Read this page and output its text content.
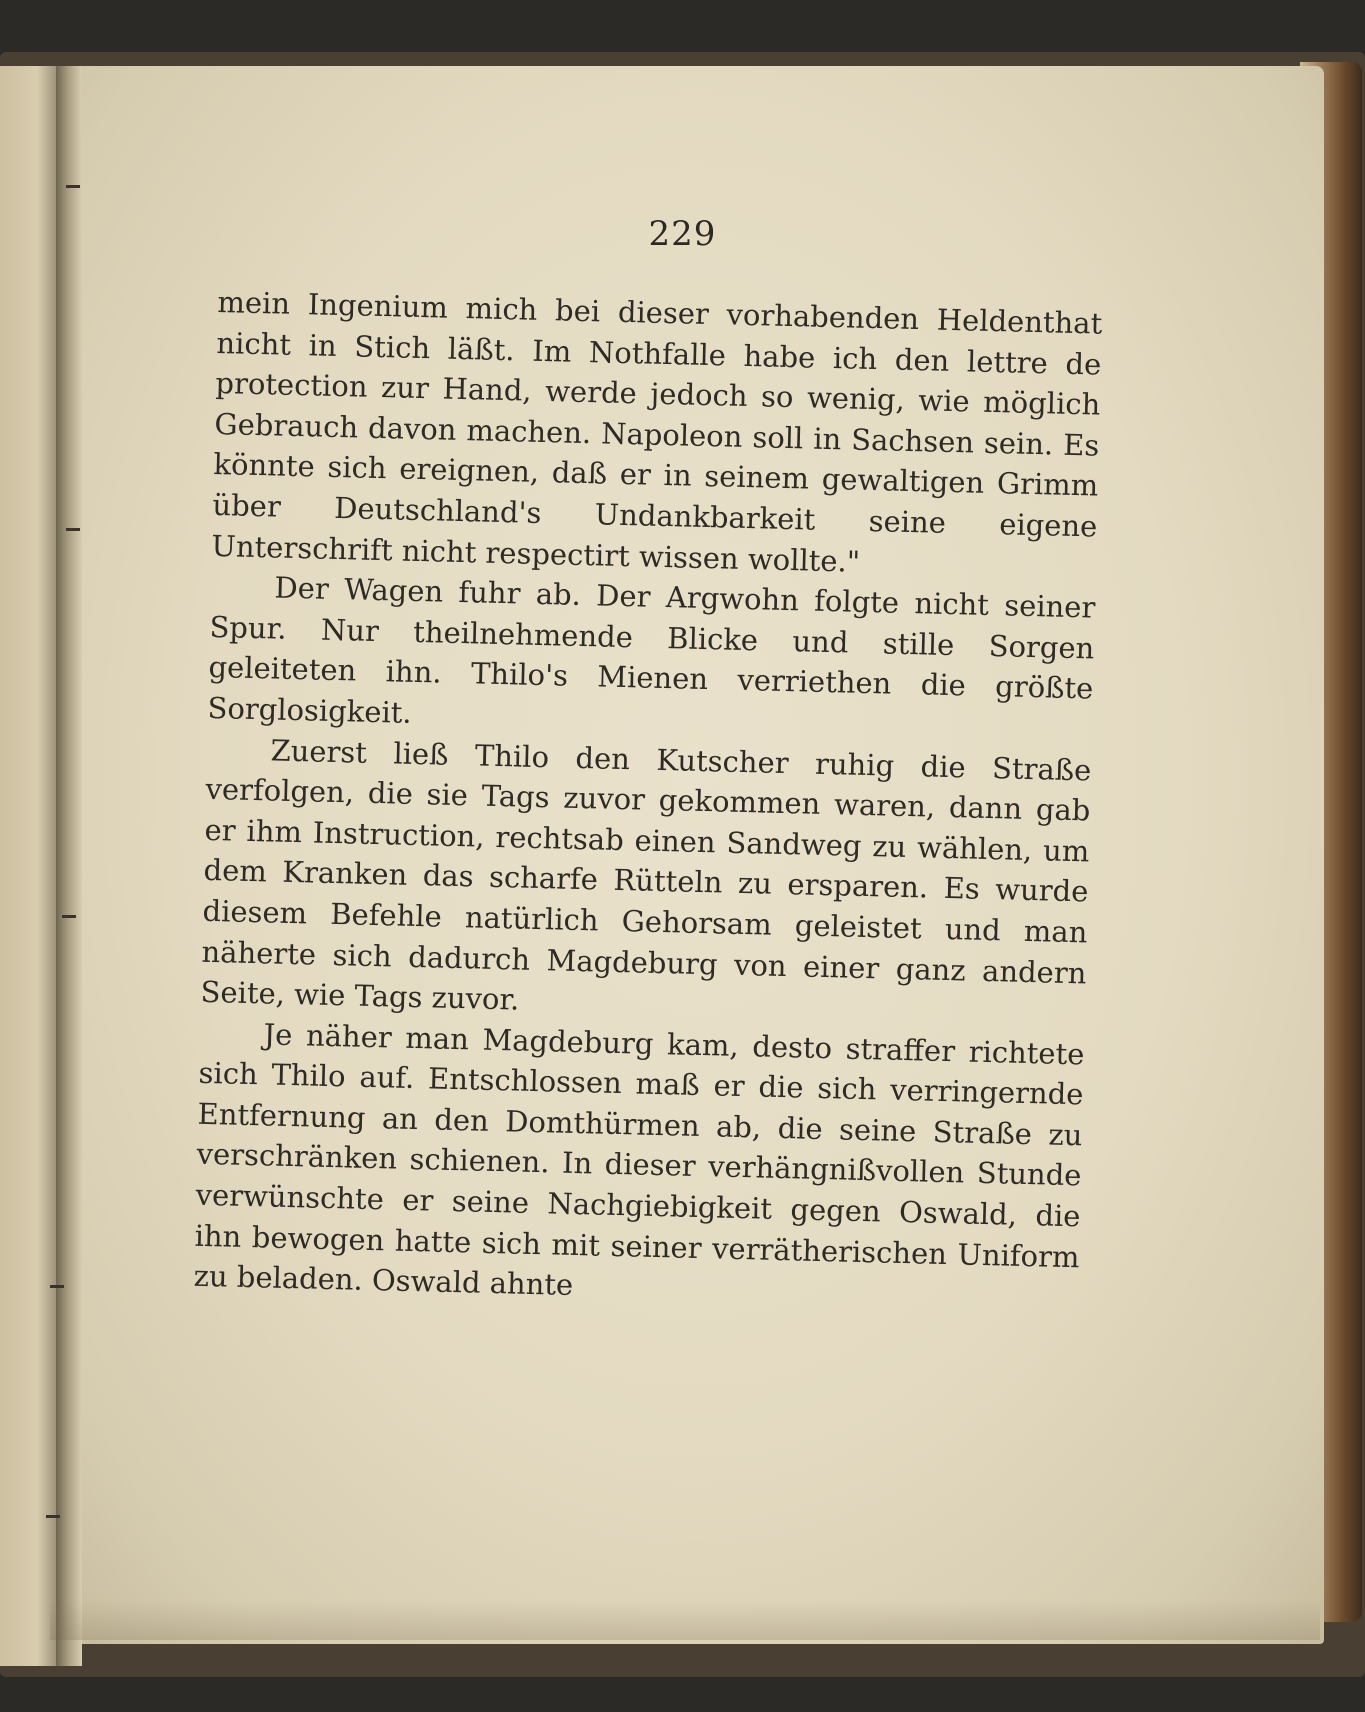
229

mein Ingenium mich bei dieser vorhabenden Heldenthat nicht in Stich läßt. Im Nothfalle habe ich den lettre de protection zur Hand, werde jedoch so wenig, wie möglich Gebrauch davon machen. Napoleon soll in Sachsen sein. Es könnte sich ereignen, daß er in seinem gewaltigen Grimm über Deutschland's Undankbarkeit seine eigene Unterschrift nicht respectirt wissen wollte."

Der Wagen fuhr ab. Der Argwohn folgte nicht seiner Spur. Nur theilnehmende Blicke und stille Sorgen geleiteten ihn. Thilo's Mienen verriethen die größte Sorglosigkeit.

Zuerst ließ Thilo den Kutscher ruhig die Straße verfolgen, die sie Tags zuvor gekommen waren, dann gab er ihm Instruction, rechtsab einen Sandweg zu wählen, um dem Kranken das scharfe Rütteln zu ersparen. Es wurde diesem Befehle natürlich Gehorsam geleistet und man näherte sich dadurch Magdeburg von einer ganz andern Seite, wie Tags zuvor.

Je näher man Magdeburg kam, desto straffer richtete sich Thilo auf. Entschlossen maß er die sich verringernde Entfernung an den Domthürmen ab, die seine Straße zu verschränken schienen. In dieser verhängnißvollen Stunde verwünschte er seine Nachgiebigkeit gegen Oswald, die ihn bewogen hatte sich mit seiner verrätherischen Uniform zu beladen. Oswald ahnte
